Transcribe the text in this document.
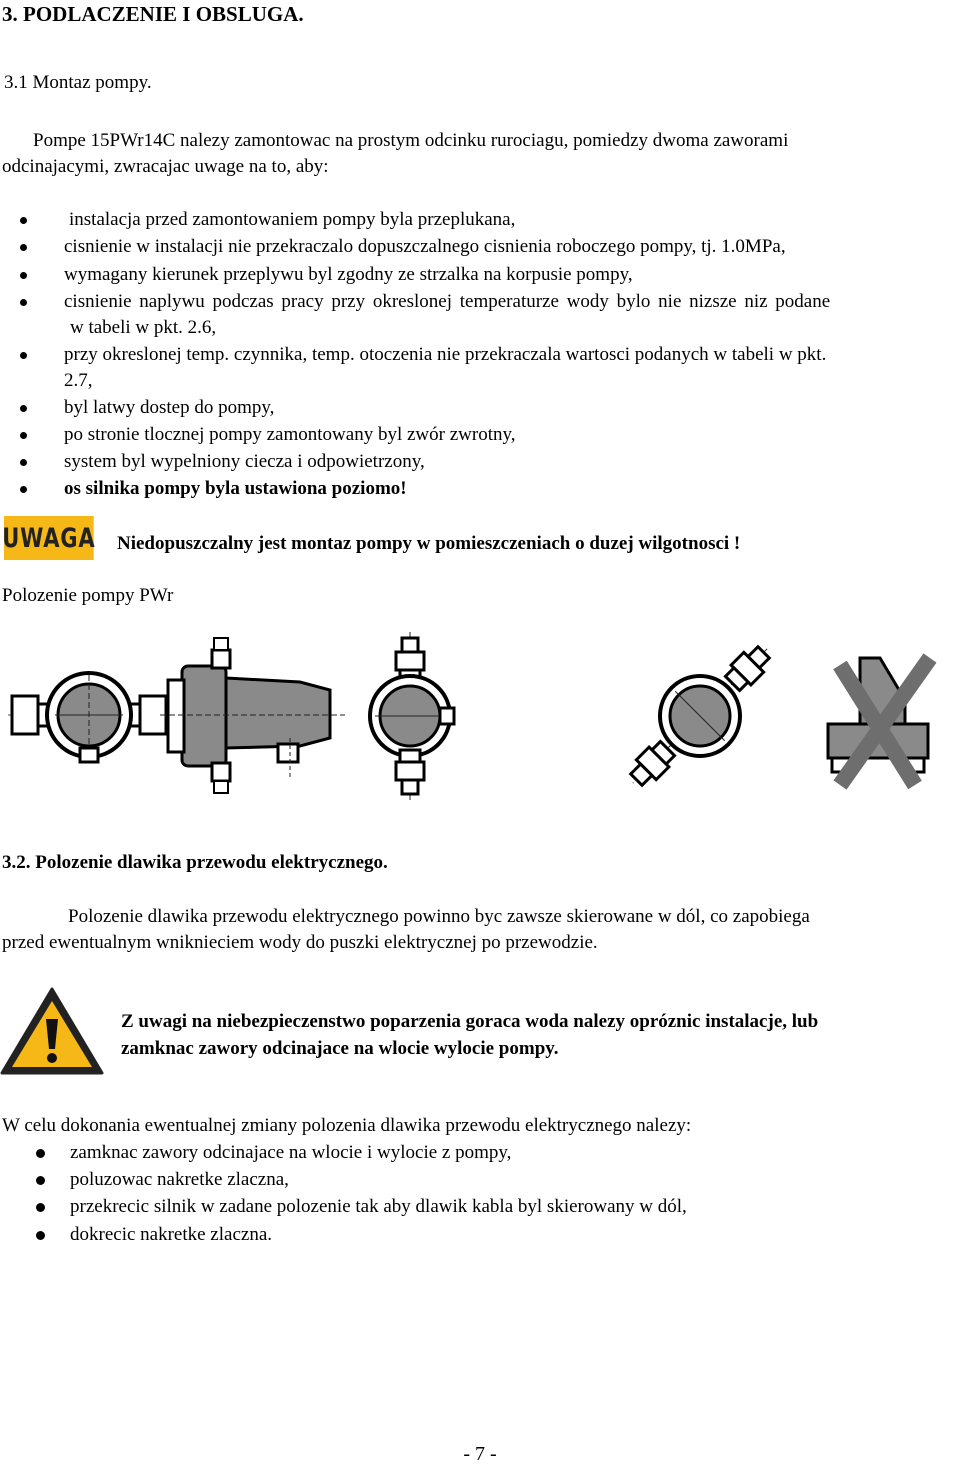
3. PODLACZENIE I OBSLUGA.
3.1 Montaz pompy.
Pompe 15PWr14C nalezy zamontowac na prostym odcinku rurociagu, pomiedzy dwoma zaworami
odcinajacymi, zwracajac uwage na to, aby:
instalacja przed zamontowaniem pompy byla przeplukana,
cisnienie w instalacji nie przekraczalo dopuszczalnego cisnienia roboczego pompy, tj. 1.0MPa,
wymagany kierunek przeplywu byl zgodny ze strzalka na korpusie pompy,
cisnienie naplywu podczas pracy przy okreslonej temperaturze wody bylo nie nizsze niz podane
w tabeli w pkt. 2.6,
przy okreslonej temp. czynnika, temp. otoczenia nie przekraczala wartosci podanych w tabeli w pkt.
2.7,
byl latwy dostep do pompy,
po stronie tlocznej pompy zamontowany byl zwór zwrotny,
system byl wypelniony ciecza i odpowietrzony,
os silnika pompy byla ustawiona poziomo!
UWAGA Niedopuszczalny jest montaz pompy w pomieszczeniach o duzej wilgotnosci !
Polozenie pompy PWr
3.2. Polozenie dlawika przewodu elektrycznego.
Polozenie dlawika przewodu elektrycznego powinno byc zawsze skierowane w dól, co zapobiega
przed ewentualnym wniknieciem wody do puszki elektrycznej po przewodzie.
Z uwagi na niebezpieczenstwo poparzenia goraca woda nalezy opróznic instalacje, lub
zamknac zawory odcinajace na wlocie wylocie pompy.
W celu dokonania ewentualnej zmiany polozenia dlawika przewodu elektrycznego nalezy:
zamknac zawory odcinajace na wlocie i wylocie z pompy,
poluzowac nakretke zlaczna,
przekrecic silnik w zadane polozenie tak aby dlawik kabla byl skierowany w dól,
dokrecic nakretke zlaczna.
- 7 -
